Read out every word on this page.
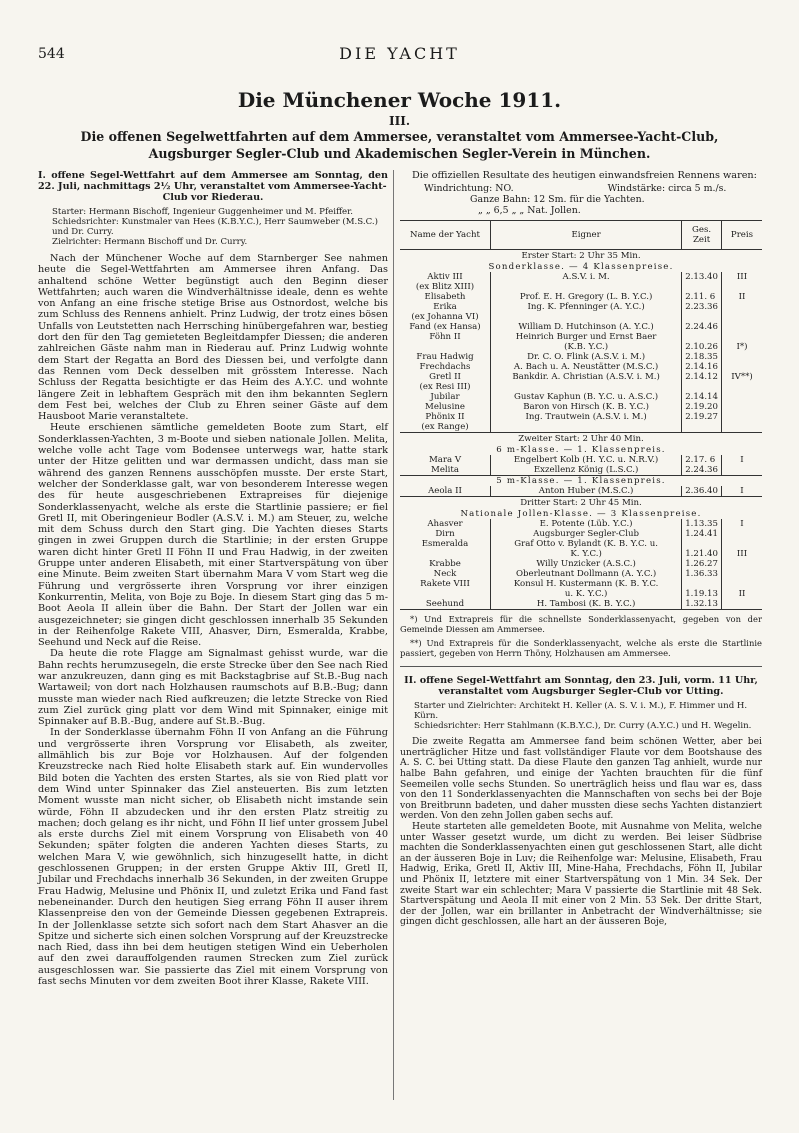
544	DIE YACHT
Die Münchener Woche 1911.
III.
Die offenen Segelwettfahrten auf dem Ammersee, veranstaltet vom Ammersee-Yacht-Club, Augsburger Segler-Club und Akademischen Segler-Verein in München.
I. offene Segel-Wettfahrt auf dem Ammersee am Sonntag, den 22. Juli, nachmittags 2½ Uhr, veranstaltet vom Ammersee-Yacht-
Club vor Riederau.

Starter: Hermann Bischoff, Ingenieur Guggenheimer und M. Pfeiffer.

Schiedsrichter: Kunstmaler van Hees (K.B.Y.C.), Herr Saumweber (M.S.C.) und Dr. Curry.

Zielrichter: Hermann Bischoff und Dr. Curry.

Nach der Münchener Woche auf dem Starnberger See nahmen heute die Segel-Wettfahrten am Ammersee ihren Anfang. Das anhaltend schöne Wetter begünstigt auch den Beginn dieser Wettfahrten; auch waren die Windverhältnisse ideale, denn es wehte von Anfang an eine frische stetige Brise aus Ostnordost, welche bis zum Schluss des Rennens anhielt. Prinz Ludwig, der trotz eines bösen Unfalls von Leutstetten nach Herrsching hinübergefahren war, bestieg dort den für den Tag gemieteten Begleitdampfer Diessen; die anderen zahlreichen Gäste nahm man in Riederau auf. Prinz Ludwig wohnte dem Start der Regatta an Bord des Diessen bei, und verfolgte dann das Rennen vom Deck desselben mit grösstem Interesse. Nach Schluss der Regatta besichtigte er das Heim des A.Y.C. und wohnte längere Zeit in lebhaftem Gespräch mit den ihm bekannten Seglern dem Fest bei, welches der Club zu Ehren seiner Gäste auf dem Hausboot Marie veranstaltete.

Heute erschienen sämtliche gemeldeten Boote zum Start, elf Sonderklassen-Yachten, 3 m-Boote und sieben nationale Jollen. Melita, welche volle acht Tage vom Bodensee unterwegs war, hatte stark unter der Hitze gelitten und war dermassen undicht, dass man sie während des ganzen Rennens ausschöpfen musste. Der erste Start, welcher der Sonderklasse galt, war von besonderem Interesse wegen des für heute ausgeschriebenen Extrapreises für diejenige Sonderklassenyacht, welche als erste die Startlinie passiere; er fiel Gretl II, mit Oberingenieur Bodler (A.S.V. i. M.) am Steuer, zu, welche mit dem Schuss durch den Start ging. Die Yachten dieses Starts gingen in zwei Gruppen durch die Startlinie; in der ersten Gruppe waren dicht hinter Gretl II Föhn II und Frau Hadwig, in der zweiten Gruppe unter anderen Elisabeth, mit einer Startverspätung von über eine Minute. Beim zweiten Start übernahm Mara V vom Start weg die Führung und vergrösserte ihren Vorsprung vor ihrer einzigen Konkurrentin, Melita, von Boje zu Boje. In diesem Start ging das 5 m-Boot Aeola II allein über die Bahn. Der Start der Jollen war ein ausgezeichneter; sie gingen dicht geschlossen innerhalb 35 Sekunden in der Reihenfolge Rakete VIII, Ahasver, Dirn, Esmeralda, Krabbe, Seehund und Neck auf die Reise.

Da heute die rote Flagge am Signalmast gehisst wurde, war die Bahn rechts herumzusegeln, die erste Strecke über den See nach Ried war anzukreuzen, dann ging es mit Backstagbrise auf St.B.-Bug nach Wartaweil; von dort nach Holzhausen raumschots auf B.B.-Bug; dann musste man wieder nach Ried aufkreuzen; die letzte Strecke von Ried zum Ziel zurück ging platt vor dem Wind mit Spinnaker, einige mit Spinnaker auf B.B.-Bug, andere auf St.B.-Bug.

In der Sonderklasse übernahm Föhn II von Anfang an die Führung und vergrösserte ihren Vorsprung vor Elisabeth, als zweiter, allmählich bis zur Boje vor Holzhausen. Auf der folgenden Kreuzstrecke nach Ried holte Elisabeth stark auf. Ein wundervolles Bild boten die Yachten des ersten Startes, als sie von Ried platt vor dem Wind unter Spinnaker das Ziel ansteuerten. Bis zum letzten Moment wusste man nicht sicher, ob Elisabeth nicht imstande sein würde, Föhn II abzudecken und ihr den ersten Platz streitig zu machen; doch gelang es ihr nicht, und Föhn II lief unter grossem Jubel als erste durchs Ziel mit einem Vorsprung von Elisabeth von 40 Sekunden; später folgten die anderen Yachten dieses Starts, zu welchen Mara V, wie gewöhnlich, sich hinzugesellt hatte, in dicht geschlossenen Gruppen; in der ersten Gruppe Aktiv III, Gretl II, Jubilar und Frechdachs innerhalb 36 Sekunden, in der zweiten Gruppe Frau Hadwig, Melusine und Phönix II, und zuletzt Erika und Fand fast nebeneinander. Durch den heutigen Sieg errang Föhn II auser ihrem Klassenpreise den von der Gemeinde Diessen gegebenen Extrapreis. In der Jollenklasse setzte sich sofort nach dem Start Ahasver an die Spitze und sicherte sich einen solchen Vorsprung auf der Kreuzstrecke nach Ried, dass ihn bei dem heutigen stetigen Wind ein Ueberholen auf den zwei darauffolgenden raumen Strecken zum Ziel zurück ausgeschlossen war. Sie passierte das Ziel mit einem Vorsprung von fast sechs Minuten vor dem zweiten Boot ihrer Klasse, Rakete VIII.

Die offiziellen Resultate des heutigen einwandsfreien Rennens waren:

Windrichtung: NO.	Windstärke: circa 5 m./s.
Ganze Bahn: 12 Sm. für die Yachten.
„ „ 6,5 „ „ Nat. Jollen.
Name der Yacht	Eigner	Ges. Zeit	Preis
Erster Start: 2 Uhr 35 Min.			
Sonderklasse. — 4 Klassenpreise.			
Aktiv III	A.S.V. i. M.	2.13.40	III
(ex Blitz XIII)			
Elisabeth	Prof. E. H. Gregory (L. B. Y.C.)	2.11. 6	II
Erika	Ing. K. Pfenninger (A. Y.C.)	2.23.36	
(ex Johanna VI)			
Fand (ex Hansa)	William D. Hutchinson (A. Y.C.)	2.24.46	
Föhn II	Heinrich Burger und Ernst Baer		
	(K.B. Y.C.)	2.10.26	I*)
Frau Hadwig	Dr. C. O. Flink (A.S.V. i. M.)	2.18.35	
Frechdachs	A. Bach u. A. Neustätter (M.S.C.)	2.14.16	
Gretl II	Bankdir. A. Christian (A.S.V. i. M.)	2.14.12	IV**)
(ex Resi III)			
Jubilar	Gustav Kaphun (B. Y.C. u. A.S.C.)	2.14.14	
Melusine	Baron von Hirsch (K. B. Y.C.)	2.19.20	
Phönix II	Ing. Trautwein (A.S.V. i. M.)	2.19.27	
(ex Range)			
Zweiter Start: 2 Uhr 40 Min.			
6 m-Klasse. — 1. Klassenpreis.			
Mara V	Engelbert Kolb (H. Y.C. u. N.R.V.)	2.17. 6	I
Melita	Exzellenz König (L.S.C.)	2.24.36	
5 m-Klasse. — 1. Klassenpreis.			
Aeola II	Anton Huber (M.S.C.)	2.36.40	I
Dritter Start: 2 Uhr 45 Min.			
Nationale Jollen-Klasse. — 3 Klassenpreise.			
Ahasver	E. Potente (Lüb. Y.C.)	1.13.35	I
Dirn	Augsburger Segler-Club	1.24.41	
Esmeralda	Graf Otto v. Bylandt (K. B. Y.C. u.		
	K. Y.C.)	1.21.40	III
Krabbe	Willy Unzicker (A.S.C.)	1.26.27	
Neck	Oberleutnant Dollmann (A. Y.C.)	1.36.33	
Rakete VIII	Konsul H. Kustermann (K. B. Y.C.		
	u. K. Y.C.)	1.19.13	II
Seehund	H. Tambosi (K. B. Y.C.)	1.32.13	

*) Und Extrapreis für die schnellste Sonderklassenyacht, gegeben von der Gemeinde Diessen am Ammersee.

**) Und Extrapreis für die Sonderklassenyacht, welche als erste die Startlinie passiert, gegeben von Herrn Thöny, Holzhausen am Ammersee.

II. offene Segel-Wettfahrt am Sonntag, den 23. Juli, vorm. 11 Uhr,
veranstaltet vom Augsburger Segler-Club vor Utting.

Starter und Zielrichter: Architekt H. Keller (A. S. V. i. M.), F. Himmer und H. Kürn.

Schiedsrichter: Herr Stahlmann (K.B.Y.C.), Dr. Curry (A.Y.C.) und H. Wegelin.

Die zweite Regatta am Ammersee fand beim schönen Wetter, aber bei unerträglicher Hitze und fast vollständiger Flaute vor dem Bootshause des A. S. C. bei Utting statt. Da diese Flaute den ganzen Tag anhielt, wurde nur halbe Bahn gefahren, und einige der Yachten brauchten für die fünf Seemeilen volle sechs Stunden. So unerträglich heiss und flau war es, dass von den 11 Sonderklassenyachten die Mannschaften von sechs bei der Boje von Breitbrunn badeten, und daher mussten diese sechs Yachten distanziert werden. Von den zehn Jollen gaben sechs auf.

Heute starteten alle gemeldeten Boote, mit Ausnahme von Melita, welche unter Wasser gesetzt wurde, um dicht zu werden. Bei leiser Südbrise machten die Sonderklassenyachten einen gut geschlossenen Start, alle dicht an der äusseren Boje in Luv; die Reihenfolge war: Melusine, Elisabeth, Frau Hadwig, Erika, Gretl II, Aktiv III, Mine-Haha, Frechdachs, Föhn II, Jubilar und Phönix II, letztere mit einer Startverspätung von 1 Min. 34 Sek. Der zweite Start war ein schlechter; Mara V passierte die Startlinie mit 48 Sek. Startverspätung und Aeola II mit einer von 2 Min. 53 Sek. Der dritte Start, der der Jollen, war ein brillanter in Anbetracht der Windverhältnisse; sie gingen dicht geschlossen, alle hart an der äusseren Boje,
